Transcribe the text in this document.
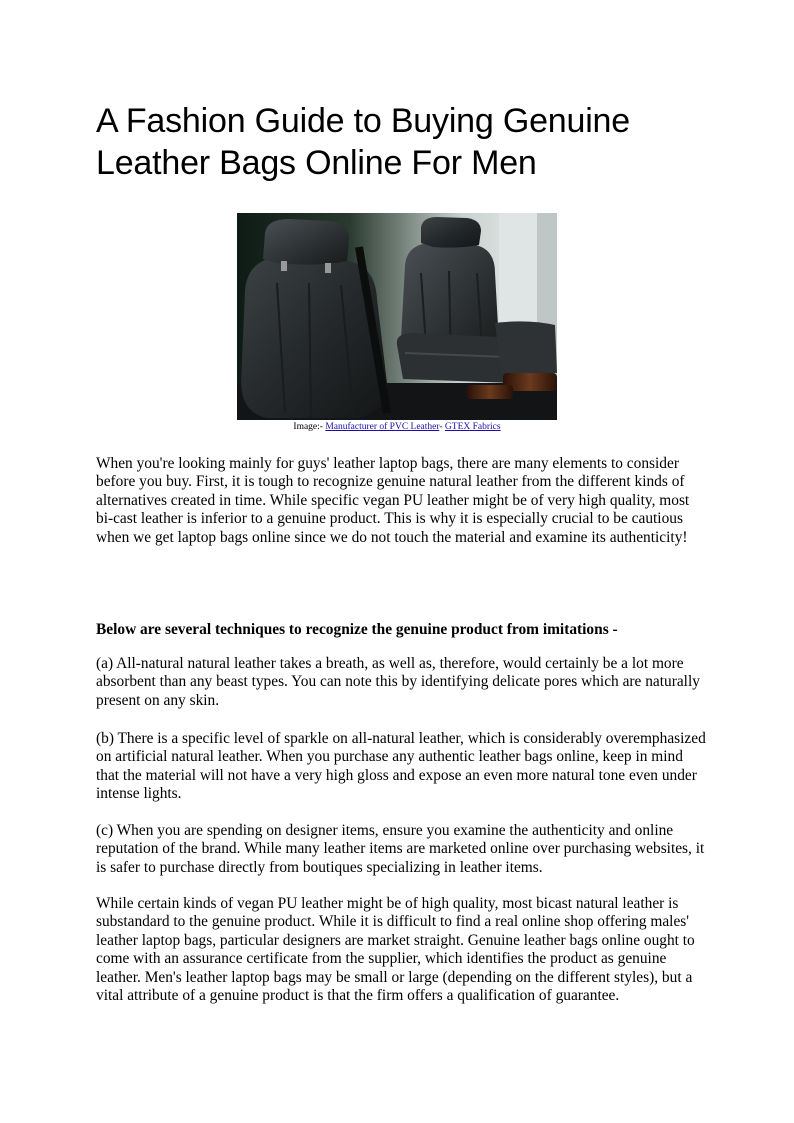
A Fashion Guide to Buying Genuine Leather Bags Online For Men
Image:- Manufacturer of PVC Leather- GTEX Fabrics

When you're looking mainly for guys' leather laptop bags, there are many elements to consider before you buy. First, it is tough to recognize genuine natural leather from the different kinds of alternatives created in time. While specific vegan PU leather might be of very high quality, most bi-cast leather is inferior to a genuine product. This is why it is especially crucial to be cautious when we get laptop bags online since we do not touch the material and examine its authenticity!

Below are several techniques to recognize the genuine product from imitations -

(a) All-natural natural leather takes a breath, as well as, therefore, would certainly be a lot more absorbent than any beast types. You can note this by identifying delicate pores which are naturally present on any skin.

(b) There is a specific level of sparkle on all-natural leather, which is considerably overemphasized on artificial natural leather. When you purchase any authentic leather bags online, keep in mind that the material will not have a very high gloss and expose an even more natural tone even under intense lights.

(c) When you are spending on designer items, ensure you examine the authenticity and online reputation of the brand. While many leather items are marketed online over purchasing websites, it is safer to purchase directly from boutiques specializing in leather items.

While certain kinds of vegan PU leather might be of high quality, most bicast natural leather is substandard to the genuine product. While it is difficult to find a real online shop offering males' leather laptop bags, particular designers are market straight. Genuine leather bags online ought to come with an assurance certificate from the supplier, which identifies the product as genuine leather. Men's leather laptop bags may be small or large (depending on the different styles), but a vital attribute of a genuine product is that the firm offers a qualification of guarantee.
